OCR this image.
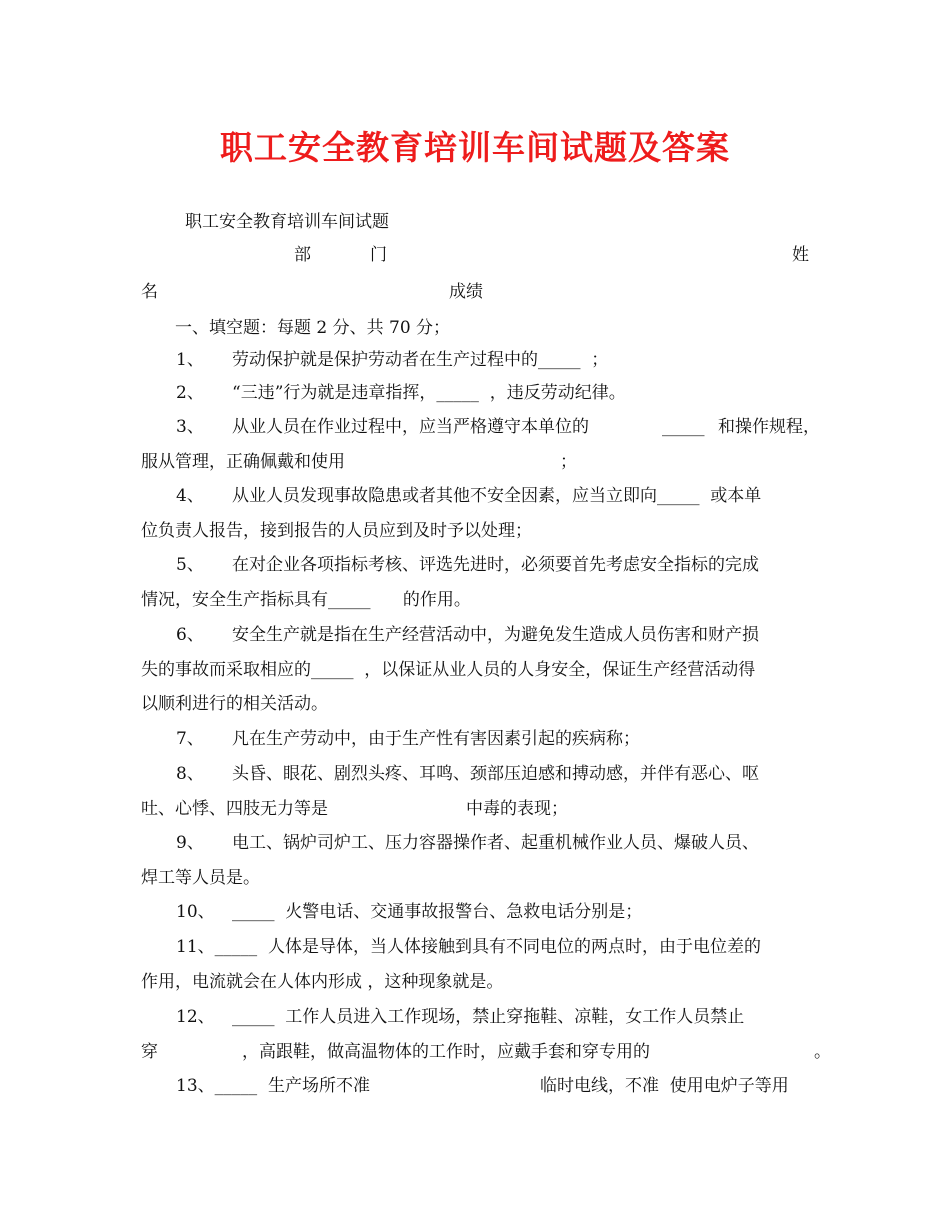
职工安全教育培训车间试题及答案
职工安全教育培训车间试题
部	门	姓
名	成绩
一、填空题：每题 2 分、共 70 分；
1、 劳动保护就是保护劳动者在生产过程中的_____  ；
2、 “三违”行为就是违章指挥，_____  ，违反劳动纪律。
3、 从业人员在作业过程中，应当严格遵守本单位的	_____ 和操作规程，
服从管理，正确佩戴和使用	；
4、 从业人员发现事故隐患或者其他不安全因素，应当立即向_____  或本单
位负责人报告，接到报告的人员应到及时予以处理；
5、 在对企业各项指标考核、评选先进时，必须要首先考虑安全指标的完成
情况，安全生产指标具有_____      的作用。
6、 安全生产就是指在生产经营活动中，为避免发生造成人员伤害和财产损
失的事故而采取相应的_____  ，以保证从业人员的人身安全，保证生产经营活动得
以顺利进行的相关活动。
7、 凡在生产劳动中，由于生产性有害因素引起的疾病称；
8、 头昏、眼花、剧烈头疼、耳鸣、颈部压迫感和搏动感，并伴有恶心、呕
吐、心悸、四肢无力等是	中毒的表现；
9、 电工、锅炉司炉工、压力容器操作者、起重机械作业人员、爆破人员、
焊工等人员是。
10、 _____  火警电话、交通事故报警台、急救电话分别是；
11、_____  人体是导体，当人体接触到具有不同电位的两点时，由于电位差的
作用，电流就会在人体内形成 ，这种现象就是。
12、 _____  工作人员进入工作现场，禁止穿拖鞋、凉鞋，女工作人员禁止
穿	，高跟鞋，做高温物体的工作时，应戴手套和穿专用的	。
13、_____  生产场所不准	临时电线，不准  使用电炉子等用
